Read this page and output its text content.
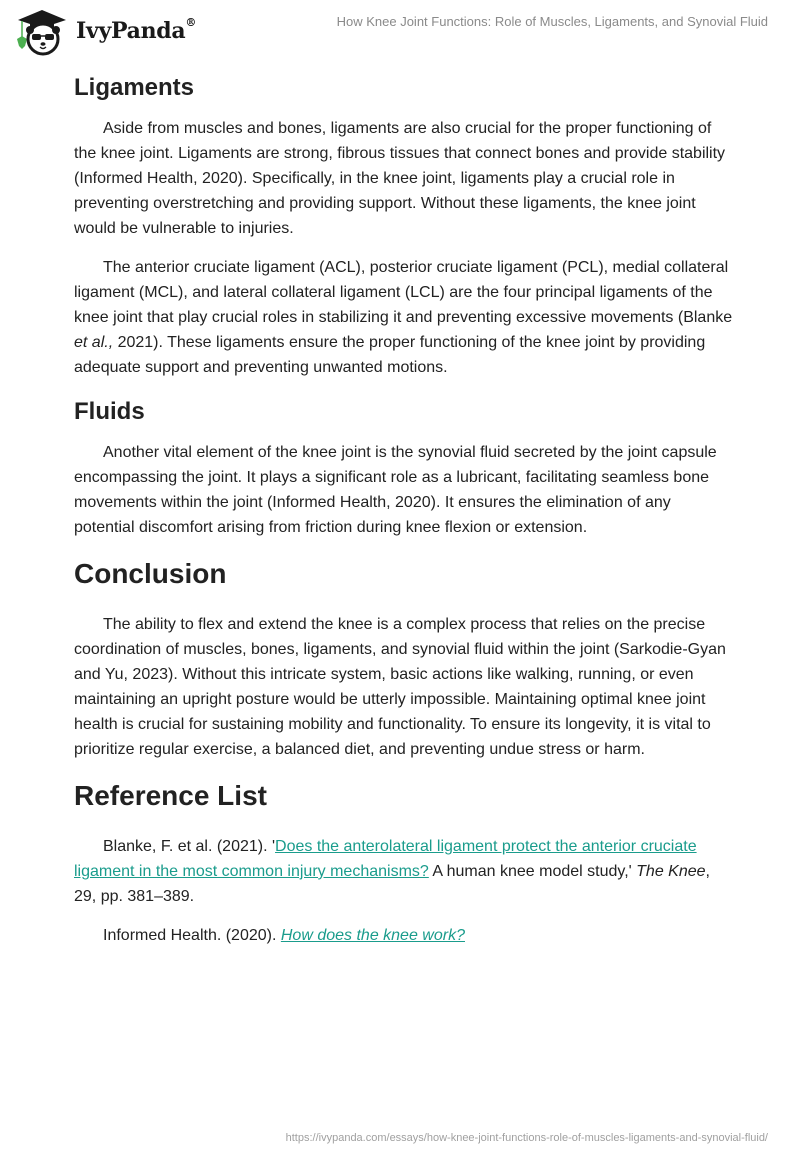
IvyPanda®	How Knee Joint Functions: Role of Muscles, Ligaments, and Synovial Fluid
Ligaments

Aside from muscles and bones, ligaments are also crucial for the proper functioning of the knee joint. Ligaments are strong, fibrous tissues that connect bones and provide stability (Informed Health, 2020). Specifically, in the knee joint, ligaments play a crucial role in preventing overstretching and providing support. Without these ligaments, the knee joint would be vulnerable to injuries.

The anterior cruciate ligament (ACL), posterior cruciate ligament (PCL), medial collateral ligament (MCL), and lateral collateral ligament (LCL) are the four principal ligaments of the knee joint that play crucial roles in stabilizing it and preventing excessive movements (Blanke et al., 2021). These ligaments ensure the proper functioning of the knee joint by providing adequate support and preventing unwanted motions.

Fluids

Another vital element of the knee joint is the synovial fluid secreted by the joint capsule encompassing the joint. It plays a significant role as a lubricant, facilitating seamless bone movements within the joint (Informed Health, 2020). It ensures the elimination of any potential discomfort arising from friction during knee flexion or extension.

Conclusion

The ability to flex and extend the knee is a complex process that relies on the precise coordination of muscles, bones, ligaments, and synovial fluid within the joint (Sarkodie-Gyan and Yu, 2023). Without this intricate system, basic actions like walking, running, or even maintaining an upright posture would be utterly impossible. Maintaining optimal knee joint health is crucial for sustaining mobility and functionality. To ensure its longevity, it is vital to prioritize regular exercise, a balanced diet, and preventing undue stress or harm.

Reference List

Blanke, F. et al. (2021). 'Does the anterolateral ligament protect the anterior cruciate ligament in the most common injury mechanisms? A human knee model study,' The Knee, 29, pp. 381–389.

Informed Health. (2020). How does the knee work?

https://ivypanda.com/essays/how-knee-joint-functions-role-of-muscles-ligaments-and-synovial-fluid/
